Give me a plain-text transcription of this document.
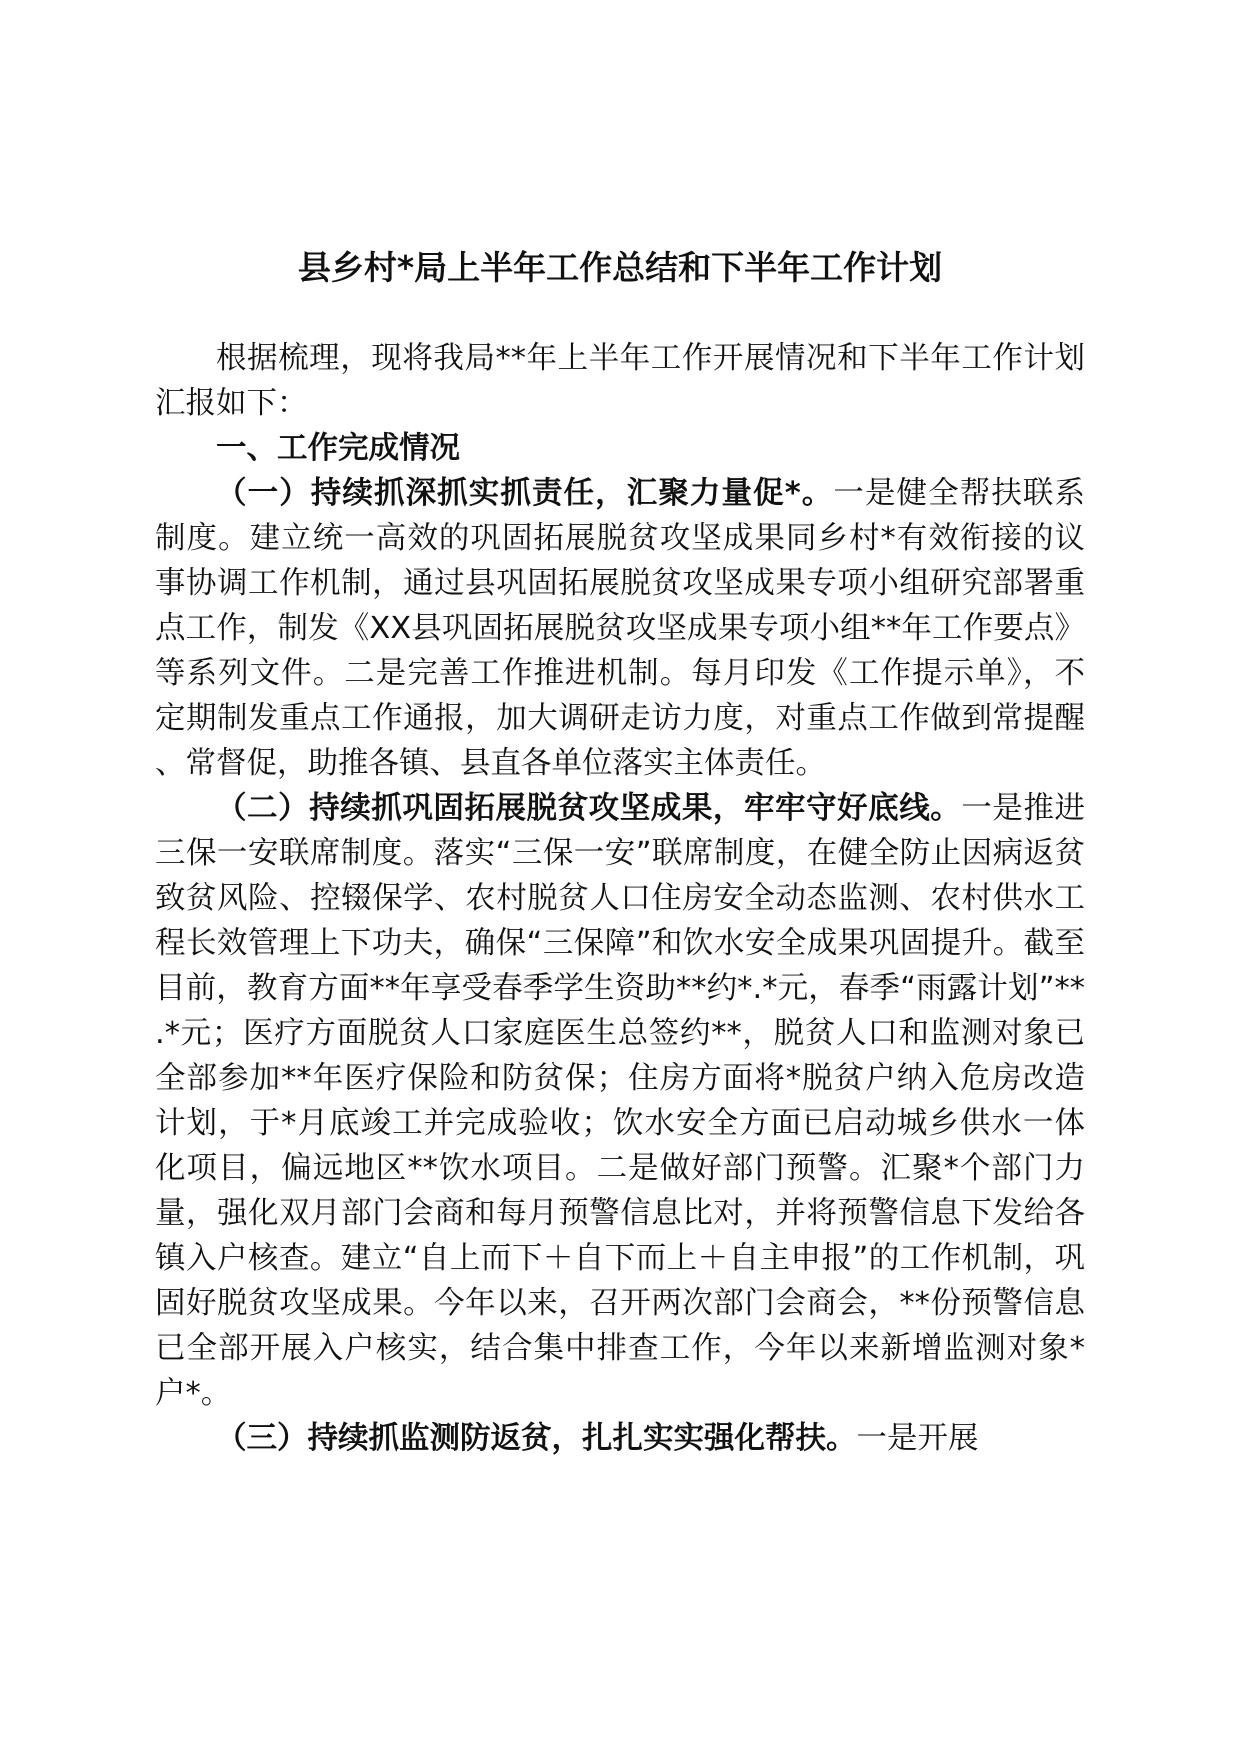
县乡村*局上半年工作总结和下半年工作计划

根据梳理，现将我局**年上半年工作开展情况和下半年工作计划汇报如下：

一、工作完成情况

（一）持续抓深抓实抓责任，汇聚力量促*。一是健全帮扶联系制度。建立统一高效的巩固拓展脱贫攻坚成果同乡村*有效衔接的议事协调工作机制，通过县巩固拓展脱贫攻坚成果专项小组研究部署重点工作，制发《XX县巩固拓展脱贫攻坚成果专项小组**年工作要点》等系列文件。二是完善工作推进机制。每月印发《工作提示单》，不定期制发重点工作通报，加大调研走访力度，对重点工作做到常提醒、常督促，助推各镇、县直各单位落实主体责任。

（二）持续抓巩固拓展脱贫攻坚成果，牢牢守好底线。一是推进三保一安联席制度。落实“三保一安”联席制度，在健全防止因病返贫致贫风险、控辍保学、农村脱贫人口住房安全动态监测、农村供水工程长效管理上下功夫，确保“三保障”和饮水安全成果巩固提升。截至目前，教育方面**年享受春季学生资助**约*.*元，春季“雨露计划”**.*元；医疗方面脱贫人口家庭医生总签约**，脱贫人口和监测对象已全部参加**年医疗保险和防贫保；住房方面将*脱贫户纳入危房改造计划，于*月底竣工并完成验收；饮水安全方面已启动城乡供水一体化项目，偏远地区**饮水项目。二是做好部门预警。汇聚*个部门力量，强化双月部门会商和每月预警信息比对，并将预警信息下发给各镇入户核查。建立“自上而下＋自下而上＋自主申报”的工作机制，巩固好脱贫攻坚成果。今年以来，召开两次部门会商会，**份预警信息已全部开展入户核实，结合集中排查工作，今年以来新增监测对象*户*。

（三）持续抓监测防返贫，扎扎实实强化帮扶。一是开展
